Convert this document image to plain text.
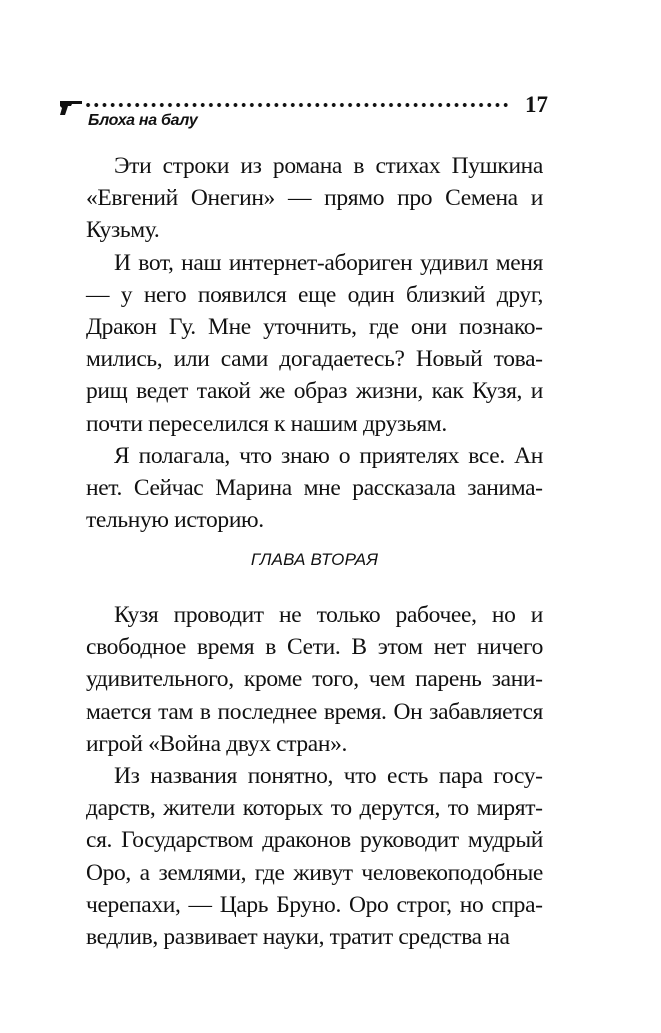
Блоха на балу
17

Эти строки из романа в стихах Пушкина «Евгений Онегин» — прямо про Семена и Кузьму.

И вот, наш интернет-абориген удивил меня — у него появился еще один близкий друг, Дракон Гу. Мне уточнить, где они познакомились, или сами догадаетесь? Новый товарищ ведет такой же образ жизни, как Кузя, и почти переселился к нашим друзьям.

Я полагала, что знаю о приятелях все. Ан нет. Сейчас Марина мне рассказала занимательную историю.

ГЛАВА ВТОРАЯ

Кузя проводит не только рабочее, но и свободное время в Сети. В этом нет ничего удивительного, кроме того, чем парень занимается там в последнее время. Он забавляется игрой «Война двух стран».

Из названия понятно, что есть пара государств, жители которых то дерутся, то мирятся. Государством драконов руководит мудрый Оро, а землями, где живут человекоподобные черепахи, — Царь Бруно. Оро строг, но справедлив, развивает науки, тратит средства на
